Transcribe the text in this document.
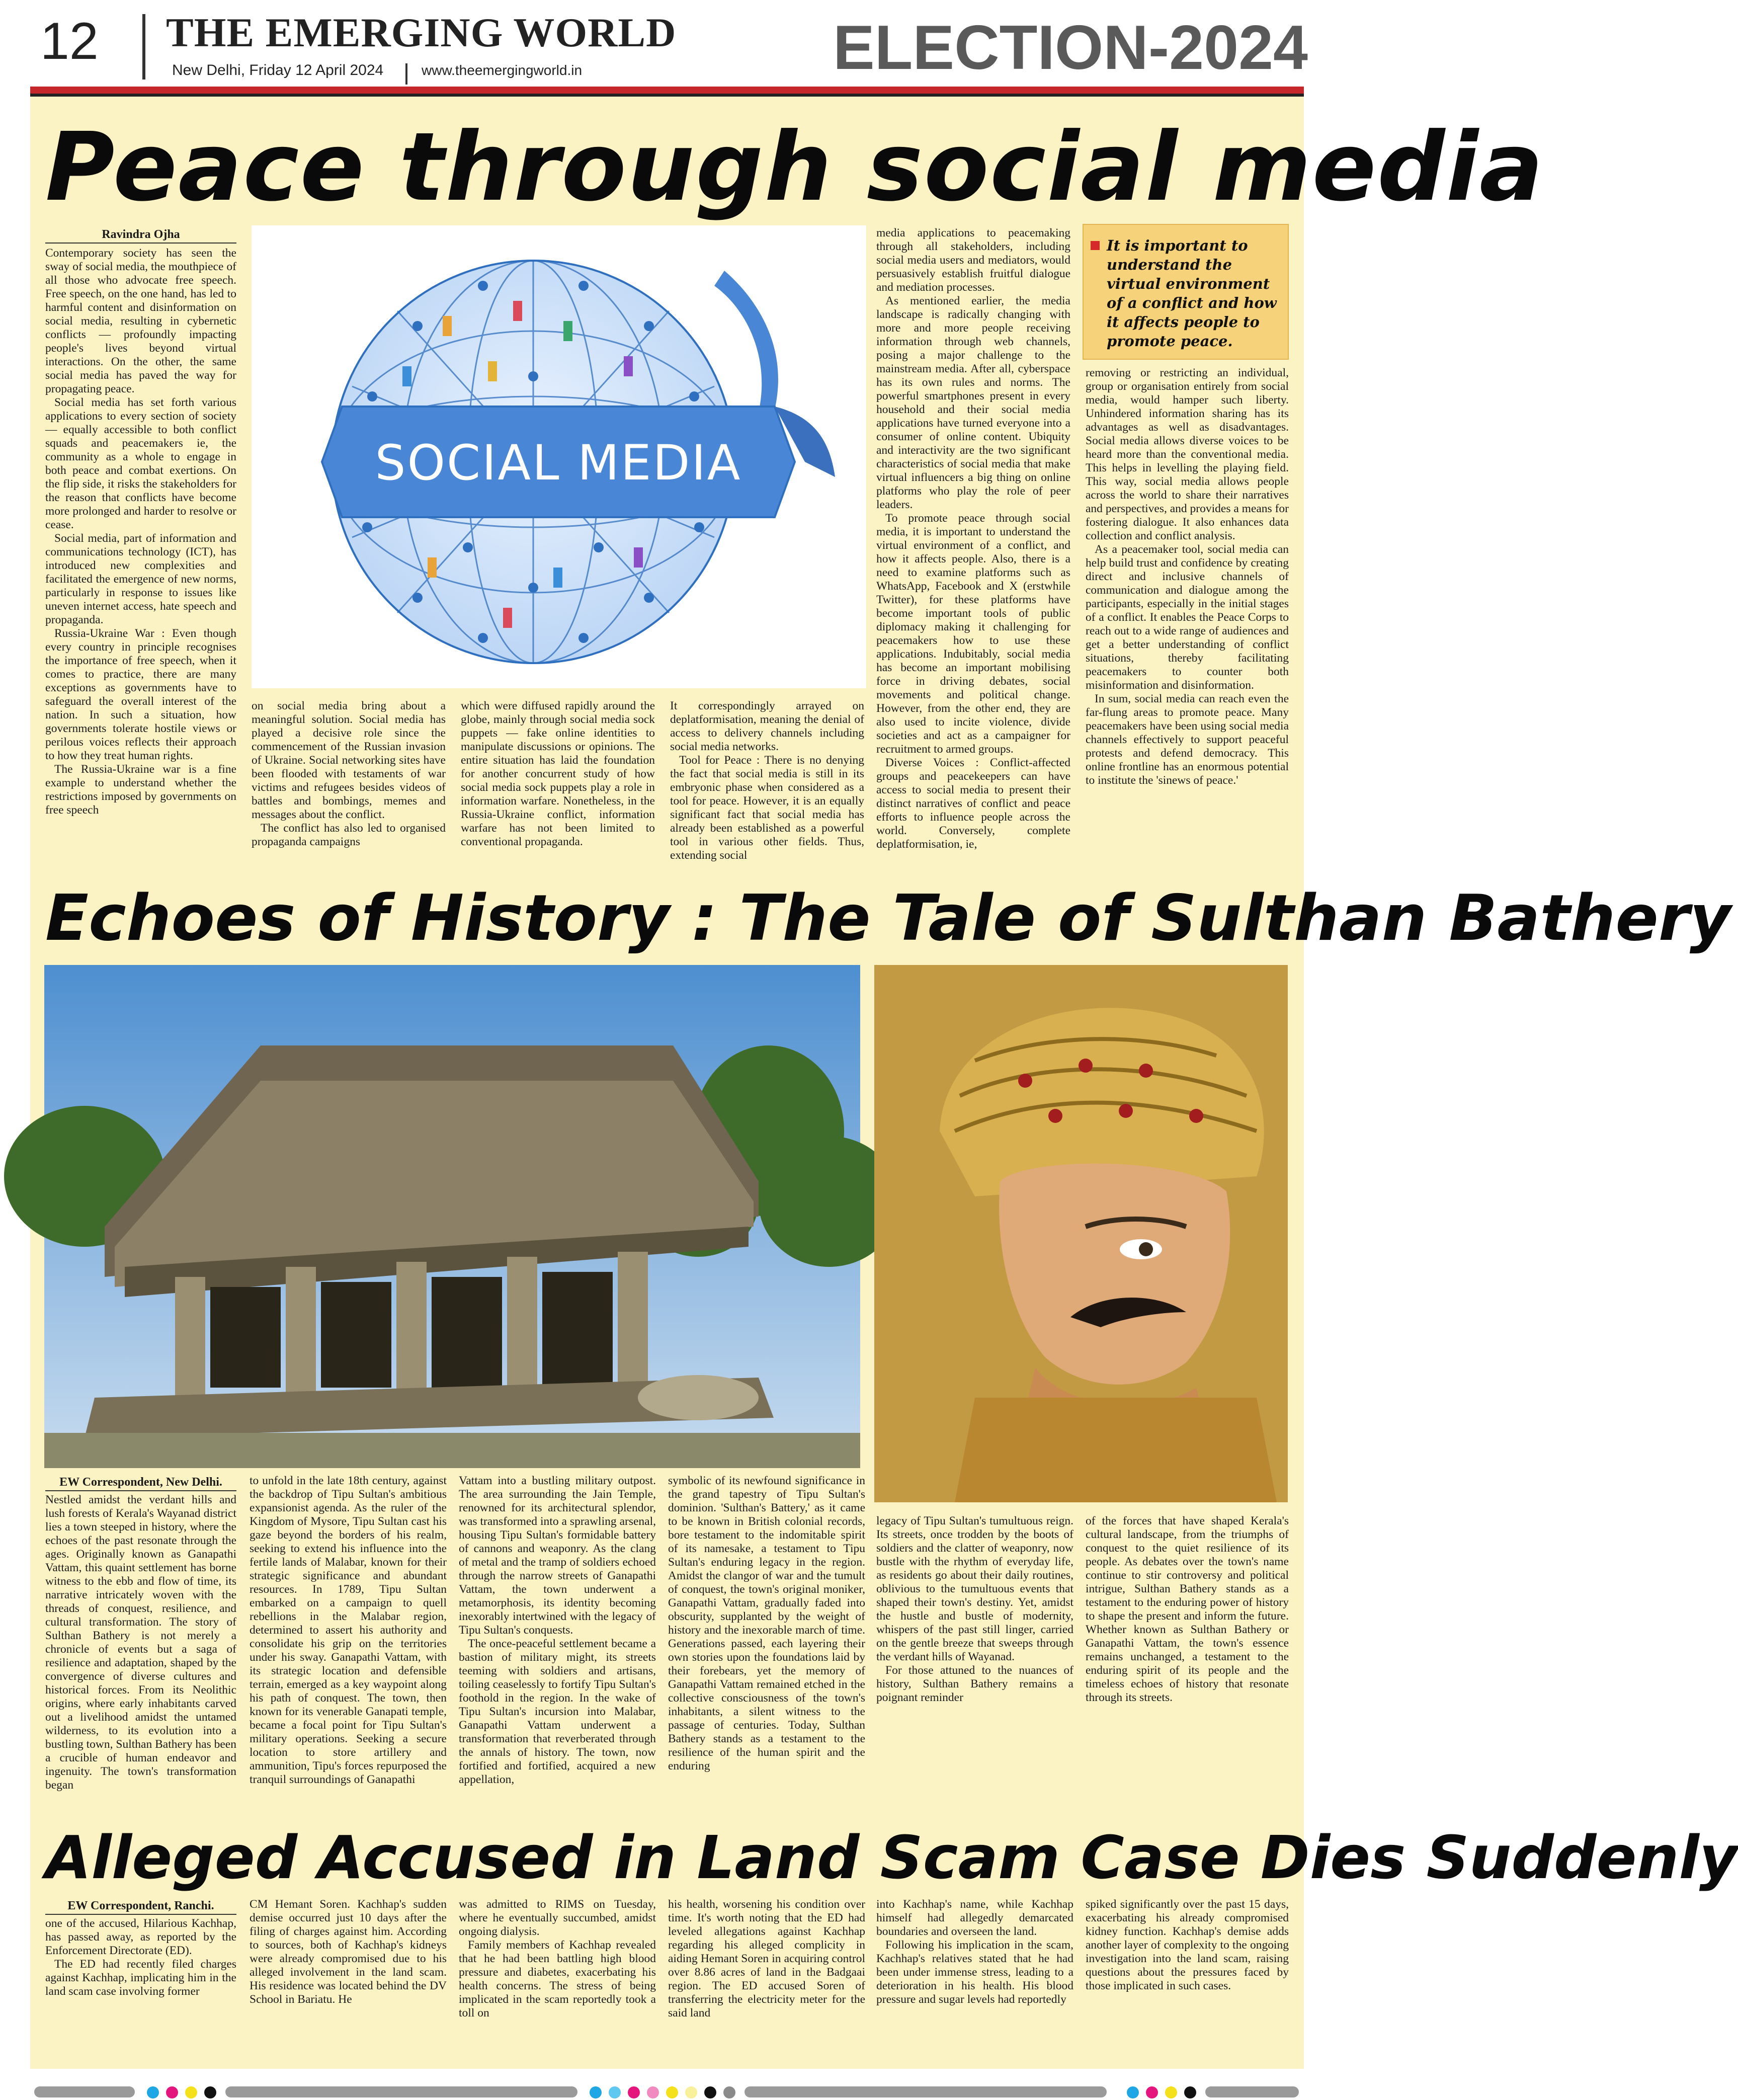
12 THE EMERGING WORLD
New Delhi, Friday 12 April 2024	www.theemergingworld.in	ELECTION-2024
Peace through social media
Ravindra Ojha

Contemporary society has seen the sway of social media, the mouthpiece of all those who advocate free speech. Free speech, on the one hand, has led to harmful content and disinformation on social media, resulting in cybernetic conflicts — profoundly impacting people's lives beyond virtual interactions. On the other, the same social media has paved the way for propagating peace.

Social media has set forth various applications to every section of society — equally accessible to both conflict squads and peacemakers ie, the community as a whole to engage in both peace and combat exertions. On the flip side, it risks the stakeholders for the reason that conflicts have become more prolonged and harder to resolve or cease.

Social media, part of information and communications technology (ICT), has introduced new complexities and facilitated the emergence of new norms, particularly in response to issues like uneven internet access, hate speech and propaganda.

Russia-Ukraine War : Even though every country in principle recognises the importance of free speech, when it comes to practice, there are many exceptions as governments have to safeguard the overall interest of the nation. In such a situation, how governments tolerate hostile views or perilous voices reflects their approach to how they treat human rights.

The Russia-Ukraine war is a fine example to understand whether the restrictions imposed by governments on free speech

SOCIAL MEDIA

on social media bring about a meaningful solution. Social media has played a decisive role since the commencement of the Russian invasion of Ukraine. Social networking sites have been flooded with testaments of war victims and refugees besides videos of battles and bombings, memes and messages about the conflict.

The conflict has also led to organised propaganda campaigns

which were diffused rapidly around the globe, mainly through social media sock puppets — fake online identities to manipulate discussions or opinions. The entire situation has laid the foundation for another concurrent study of how social media sock puppets play a role in information warfare. Nonetheless, in the Russia-Ukraine conflict, information warfare has not been limited to conventional propaganda.

It correspondingly arrayed on deplatformisation, meaning the denial of access to delivery channels including social media networks.

Tool for Peace : There is no denying the fact that social media is still in its embryonic phase when considered as a tool for peace. However, it is an equally significant fact that social media has already been established as a powerful tool in various other fields. Thus, extending social

media applications to peacemaking through all stakeholders, including social media users and mediators, would persuasively establish fruitful dialogue and mediation processes.

As mentioned earlier, the media landscape is radically changing with more and more people receiving information through web channels, posing a major challenge to the mainstream media. After all, cyberspace has its own rules and norms. The powerful smartphones present in every household and their social media applications have turned everyone into a consumer of online content. Ubiquity and interactivity are the two significant characteristics of social media that make virtual influencers a big thing on online platforms who play the role of peer leaders.

To promote peace through social media, it is important to understand the virtual environment of a conflict, and how it affects people. Also, there is a need to examine platforms such as WhatsApp, Facebook and X (erstwhile Twitter), for these platforms have become important tools of public diplomacy making it challenging for peacemakers how to use these applications. Indubitably, social media has become an important mobilising force in driving debates, social movements and political change. However, from the other end, they are also used to incite violence, divide societies and act as a campaigner for recruitment to armed groups.

Diverse Voices : Conflict-affected groups and peacekeepers can have access to social media to present their distinct narratives of conflict and peace efforts to influence people across the world. Conversely, complete deplatformisation, ie,

It is important to understand the virtual environment of a conflict and how it affects people to promote peace.

removing or restricting an individual, group or organisation entirely from social media, would hamper such liberty. Unhindered information sharing has its advantages as well as disadvantages. Social media allows diverse voices to be heard more than the conventional media. This helps in levelling the playing field. This way, social media allows people across the world to share their narratives and perspectives, and provides a means for fostering dialogue. It also enhances data collection and conflict analysis.

As a peacemaker tool, social media can help build trust and confidence by creating direct and inclusive channels of communication and dialogue among the participants, especially in the initial stages of a conflict. It enables the Peace Corps to reach out to a wide range of audiences and get a better understanding of conflict situations, thereby facilitating peacemakers to counter both misinformation and disinformation.

In sum, social media can reach even the far-flung areas to promote peace. Many peacemakers have been using social media channels effectively to support peaceful protests and defend democracy. This online frontline has an enormous potential to institute the 'sinews of peace.'

Echoes of History : The Tale of Sulthan Bathery
EW Correspondent, New Delhi.

Nestled amidst the verdant hills and lush forests of Kerala's Wayanad district lies a town steeped in history, where the echoes of the past resonate through the ages. Originally known as Ganapathi Vattam, this quaint settlement has borne witness to the ebb and flow of time, its narrative intricately woven with the threads of conquest, resilience, and cultural transformation. The story of Sulthan Bathery is not merely a chronicle of events but a saga of resilience and adaptation, shaped by the convergence of diverse cultures and historical forces. From its Neolithic origins, where early inhabitants carved out a livelihood amidst the untamed wilderness, to its evolution into a bustling town, Sulthan Bathery has been a crucible of human endeavor and ingenuity. The town's transformation began

to unfold in the late 18th century, against the backdrop of Tipu Sultan's ambitious expansionist agenda. As the ruler of the Kingdom of Mysore, Tipu Sultan cast his gaze beyond the borders of his realm, seeking to extend his influence into the fertile lands of Malabar, known for their strategic significance and abundant resources. In 1789, Tipu Sultan embarked on a campaign to quell rebellions in the Malabar region, determined to assert his authority and consolidate his grip on the territories under his sway. Ganapathi Vattam, with its strategic location and defensible terrain, emerged as a key waypoint along his path of conquest. The town, then known for its venerable Ganapati temple, became a focal point for Tipu Sultan's military operations. Seeking a secure location to store artillery and ammunition, Tipu's forces repurposed the tranquil surroundings of Ganapathi

Vattam into a bustling military outpost. The area surrounding the Jain Temple, renowned for its architectural splendor, was transformed into a sprawling arsenal, housing Tipu Sultan's formidable battery of cannons and weaponry. As the clang of metal and the tramp of soldiers echoed through the narrow streets of Ganapathi Vattam, the town underwent a metamorphosis, its identity becoming inexorably intertwined with the legacy of Tipu Sultan's conquests.

The once-peaceful settlement became a bastion of military might, its streets teeming with soldiers and artisans, toiling ceaselessly to fortify Tipu Sultan's foothold in the region. In the wake of Tipu Sultan's incursion into Malabar, Ganapathi Vattam underwent a transformation that reverberated through the annals of history. The town, now fortified and fortified, acquired a new appellation,

symbolic of its newfound significance in the grand tapestry of Tipu Sultan's dominion. 'Sulthan's Battery,' as it came to be known in British colonial records, bore testament to the indomitable spirit of its namesake, a testament to Tipu Sultan's enduring legacy in the region. Amidst the clangor of war and the tumult of conquest, the town's original moniker, Ganapathi Vattam, gradually faded into obscurity, supplanted by the weight of history and the inexorable march of time. Generations passed, each layering their own stories upon the foundations laid by their forebears, yet the memory of Ganapathi Vattam remained etched in the collective consciousness of the town's inhabitants, a silent witness to the passage of centuries. Today, Sulthan Bathery stands as a testament to the resilience of the human spirit and the enduring

legacy of Tipu Sultan's tumultuous reign. Its streets, once trodden by the boots of soldiers and the clatter of weaponry, now bustle with the rhythm of everyday life, as residents go about their daily routines, oblivious to the tumultuous events that shaped their town's destiny. Yet, amidst the hustle and bustle of modernity, whispers of the past still linger, carried on the gentle breeze that sweeps through the verdant hills of Wayanad.

For those attuned to the nuances of history, Sulthan Bathery remains a poignant reminder

of the forces that have shaped Kerala's cultural landscape, from the triumphs of conquest to the quiet resilience of its people. As debates over the town's name continue to stir controversy and political intrigue, Sulthan Bathery stands as a testament to the enduring power of history to shape the present and inform the future. Whether known as Sulthan Bathery or Ganapathi Vattam, the town's essence remains unchanged, a testament to the enduring spirit of its people and the timeless echoes of history that resonate through its streets.

Alleged Accused in Land Scam Case Dies Suddenly
EW Correspondent, Ranchi.

one of the accused, Hilarious Kachhap, has passed away, as reported by the Enforcement Directorate (ED).

The ED had recently filed charges against Kachhap, implicating him in the land scam case involving former

CM Hemant Soren. Kachhap's sudden demise occurred just 10 days after the filing of charges against him. According to sources, both of Kachhap's kidneys were already compromised due to his alleged involvement in the land scam. His residence was located behind the DV School in Bariatu. He

was admitted to RIMS on Tuesday, where he eventually succumbed, amidst ongoing dialysis.

Family members of Kachhap revealed that he had been battling high blood pressure and diabetes, exacerbating his health concerns. The stress of being implicated in the scam reportedly took a toll on

his health, worsening his condition over time. It's worth noting that the ED had leveled allegations against Kachhap regarding his alleged complicity in aiding Hemant Soren in acquiring control over 8.86 acres of land in the Badgaai region. The ED accused Soren of transferring the electricity meter for the said land

into Kachhap's name, while Kachhap himself had allegedly demarcated boundaries and overseen the land.

Following his implication in the scam, Kachhap's relatives stated that he had been under immense stress, leading to a deterioration in his health. His blood pressure and sugar levels had reportedly

spiked significantly over the past 15 days, exacerbating his already compromised kidney function. Kachhap's demise adds another layer of complexity to the ongoing investigation into the land scam, raising questions about the pressures faced by those implicated in such cases.
